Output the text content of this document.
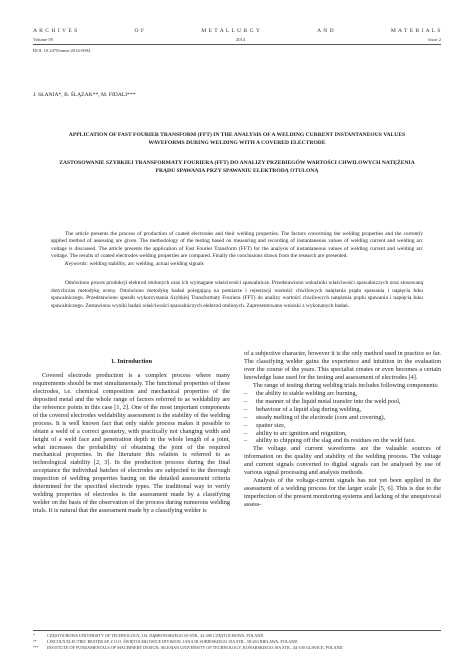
A R C H I V E S	O F	M E T A L L U R G Y	A N D	M A T E R I A L S
Volume 59	2014	Issue 2
DOI: 10.2478/amm-2014-0094
J. SŁANIA*, B. ŚLĄZAK**, M. FIDALI***
APPLICATION OF FAST FOURIER TRANSFORM (FFT) IN THE ANALYSIS OF A WELDING CURRENT INSTANTANEOUS VALUES WAVEFORMS DURING WELDING WITH A COVERED ELECTRODE
ZASTOSOWANIE SZYBKIEJ TRANSFORMATY FOURIERA (FFT) DO ANALIZY PRZEBIEGÓW WARTOŚCI CHWILOWYCH NATĘŻENIA PRĄDU SPAWANIA PRZY SPAWANIU ELEKTRODĄ OTULONĄ
The article presents the process of production of coated electrodes and their welding properties. The factors concerning the welding properties and the currently applied method of assessing are given. The methodology of the testing based on measuring and recording of instantaneous values of welding current and welding arc voltage is discussed. The article presents the application of Fast Fourier Transform (FFT) for the analysis of instantaneous values of welding current and welding arc voltage. The results of coated electrodes welding properties are compared. Finally the conclusions drawn from the research are presented.
Keywords: welding stability, arc welding, actual welding signals
Omówiono proces produkcji elektrod otulonych oraz ich wymagane właściwości spawalnicze. Przedstawiono wskaźniki właściwości spawalniczych oraz stosowaną dotychczas metodykę oceny. Omówiono metodykę badań polegającą na pomiarze i rejestracji wartości chwilowych natężenia prądu spawania i napięcia łuku spawalniczego. Przedstawiono sposób wykorzystania Szybkiej Transformaty Fouriera (FFT) do analizy wartości chwilowych natężenia prądu spawania i napięcia łuku spawalniczego. Zestawiono wyniki badań właściwości spawalniczych elektrod otulonych. Zaprezentowano wnioski z wykonanych badań.
1. Introduction

Covered electrode production is a complex process where many requirements should be met simultaneously. The functional properties of these electrodes, i.e. chemical composition and mechanical properties of the deposited metal and the whole range of factors referred to as weldability are the reference points in this case [1, 2]. One of the most important components of the covered electrodes weldability assessment is the stability of the welding process. It is well known fact that only stable process makes it possible to obtain a weld of a correct geometry, with practically not changing width and height of a weld face and penetration depth in the whole length of a joint, what increases the probability of obtaining the joint of the required mechanical properties. In the literature this relation is referred to as technological stability [2, 3]. In the production process during the final acceptance the individual batches of electrodes are subjected to the thorough inspection of welding properties basing on the detailed assessment criteria determined for the specified electrode types. The traditional way to verify welding properties of electrodes is the assessment made by a classifying welder on the basis of the observation of the process during numerous welding trials. It is natural that the assessment made by a classifying welder is

of a subjective character, however it is the only method used in practice so far. The classifying welder gains the experience and intuition in the evaluation over the course of the years. This specialist creates or even becomes a certain knowledge base used for the testing and assessment of electrodes [4].

The range of testing during welding trials includes following components:

–	the ability to stable welding arc burning,
–	the manner of the liquid metal transfer into the weld pool,
–	behaviour of a liquid slag during welding,
–	steady melting of the electrode (core and covering),
–	spatter size,
–	ability to arc ignition and reignition,
–	ability to chipping off the slag and its residues on the weld face.

The voltage and current waveforms are the valuable sources of information on the quality and stability of the welding process. The voltage and current signals converted to digital signals can be analysed by use of various signal processing and analysis methods.

Analysis of the voltage-current signals has not yet been applied in the assessment of a welding process for the larger scale [5, 6]. This is due to the imperfection of the present monitoring systems and lacking of the unequivocal assess-

*	CZĘSTOCHOWA UNIVERSITY OF TECHNOLOGY, J.H. DĄBROWSKIEGO 69 STR., 42-200 CZĘSTOCHOWA, POLAND
**	LINCOLN ELECTRIC BESTER SP. Z O.O. ŚWIĘTOCHŁOWICE DIVISION, JANA III SOBIESKIEGO 19A STR., 58-263 BIELAWA, POLAND
***	INSTITUTE OF FUNDAMENTALS OF MACHINERY DESIGN, SILESIAN UNIVERSITY OF TECHNOLOGY, KONARSKIEGO 18A STR., 44-100 GLIWICE, POLAND
